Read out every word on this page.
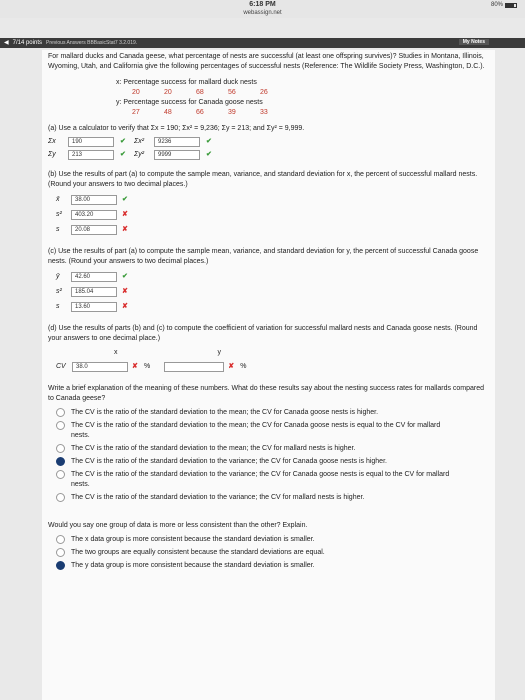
6:18 PM
webassign.net
80%
◀ 7/14 points Previous Answers BBBasicStat7 3.2.019.	My Notes
For mallard ducks and Canada geese, what percentage of nests are successful (at least one offspring survives)? Studies in Montana, Illinois, Wyoming, Utah, and California give the following percentages of successful nests (Reference: The Wildlife Society Press, Washington, D.C.).
x: Percentage success for mallard duck nests
20	20	68	56	26
y: Percentage success for Canada goose nests
27	48	66	39	33
(a) Use a calculator to verify that Σx = 190; Σx² = 9,236; Σy = 213; and Σy² = 9,999.
Σx	190	✔	Σx²	9236	✔
Σy	213	✔	Σy²	9999	✔
(b) Use the results of part (a) to compute the sample mean, variance, and standard deviation for x, the percent of successful mallard nests. (Round your answers to two decimal places.)
x̄	38.00	✔
s²	403.20	✘
s	20.08	✘
(c) Use the results of part (a) to compute the sample mean, variance, and standard deviation for y, the percent of successful Canada goose nests. (Round your answers to two decimal places.)
ȳ	42.60	✔
s²	185.04	✘
s	13.60	✘
(d) Use the results of parts (b) and (c) to compute the coefficient of variation for successful mallard nests and Canada goose nests. (Round your answers to one decimal place.)
x	y
CV	38.0	✘ %	✘ %
Write a brief explanation of the meaning of these numbers. What do these results say about the nesting success rates for mallards compared to Canada geese?
The CV is the ratio of the standard deviation to the mean; the CV for Canada goose nests is higher.
The CV is the ratio of the standard deviation to the mean; the CV for Canada goose nests is equal to the CV for mallard nests.
The CV is the ratio of the standard deviation to the mean; the CV for mallard nests is higher.
The CV is the ratio of the standard deviation to the variance; the CV for Canada goose nests is higher.
The CV is the ratio of the standard deviation to the variance; the CV for Canada goose nests is equal to the CV for mallard nests.
The CV is the ratio of the standard deviation to the variance; the CV for mallard nests is higher.
Would you say one group of data is more or less consistent than the other? Explain.
The x data group is more consistent because the standard deviation is smaller.
The two groups are equally consistent because the standard deviations are equal.
The y data group is more consistent because the standard deviation is smaller.
